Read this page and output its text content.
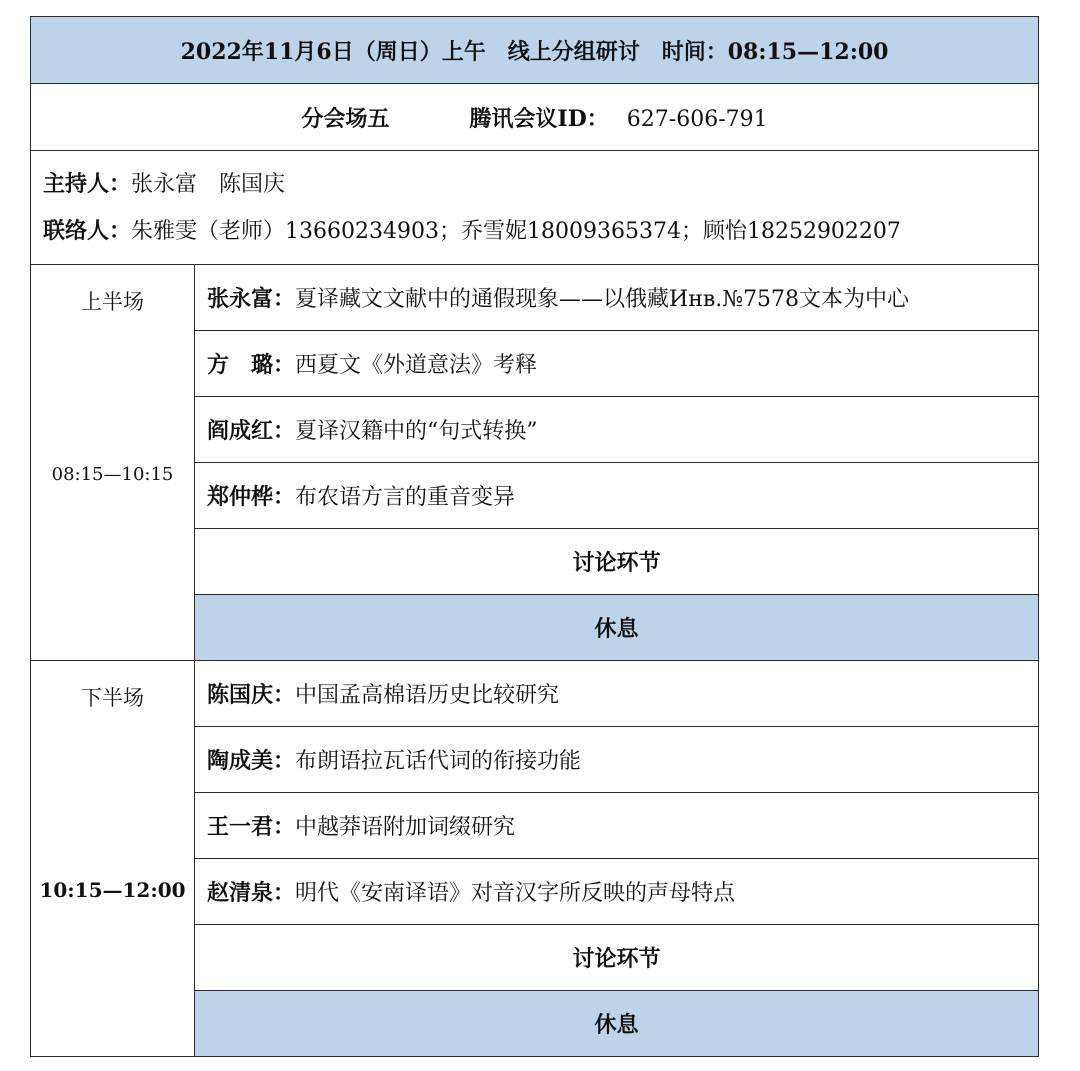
2022年11月6日（周日）上午　线上分组研讨　时间：08:15—12:00	
分会场五 腾讯会议ID： 627-606-791	

主持人：张永富　陈国庆
联络人：朱雅雯（老师）13660234903；乔雪妮18009365374；顾怡18252902207	

上半场
08:15—10:15	张永富：夏译藏文文献中的通假现象——以俄藏Инв.№7578文本为中心
	方　璐：西夏文《外道意法》考释
	阎成红：夏译汉籍中的“句式转换”
	郑仲桦：布农语方言的重音变异
	讨论环节
	休息

下半场
10:15—12:00	陈国庆：中国孟高棉语历史比较研究
	陶成美：布朗语拉瓦话代词的衔接功能
	王一君：中越莽语附加词缀研究
	赵清泉：明代《安南译语》对音汉字所反映的声母特点
	讨论环节
	休息
